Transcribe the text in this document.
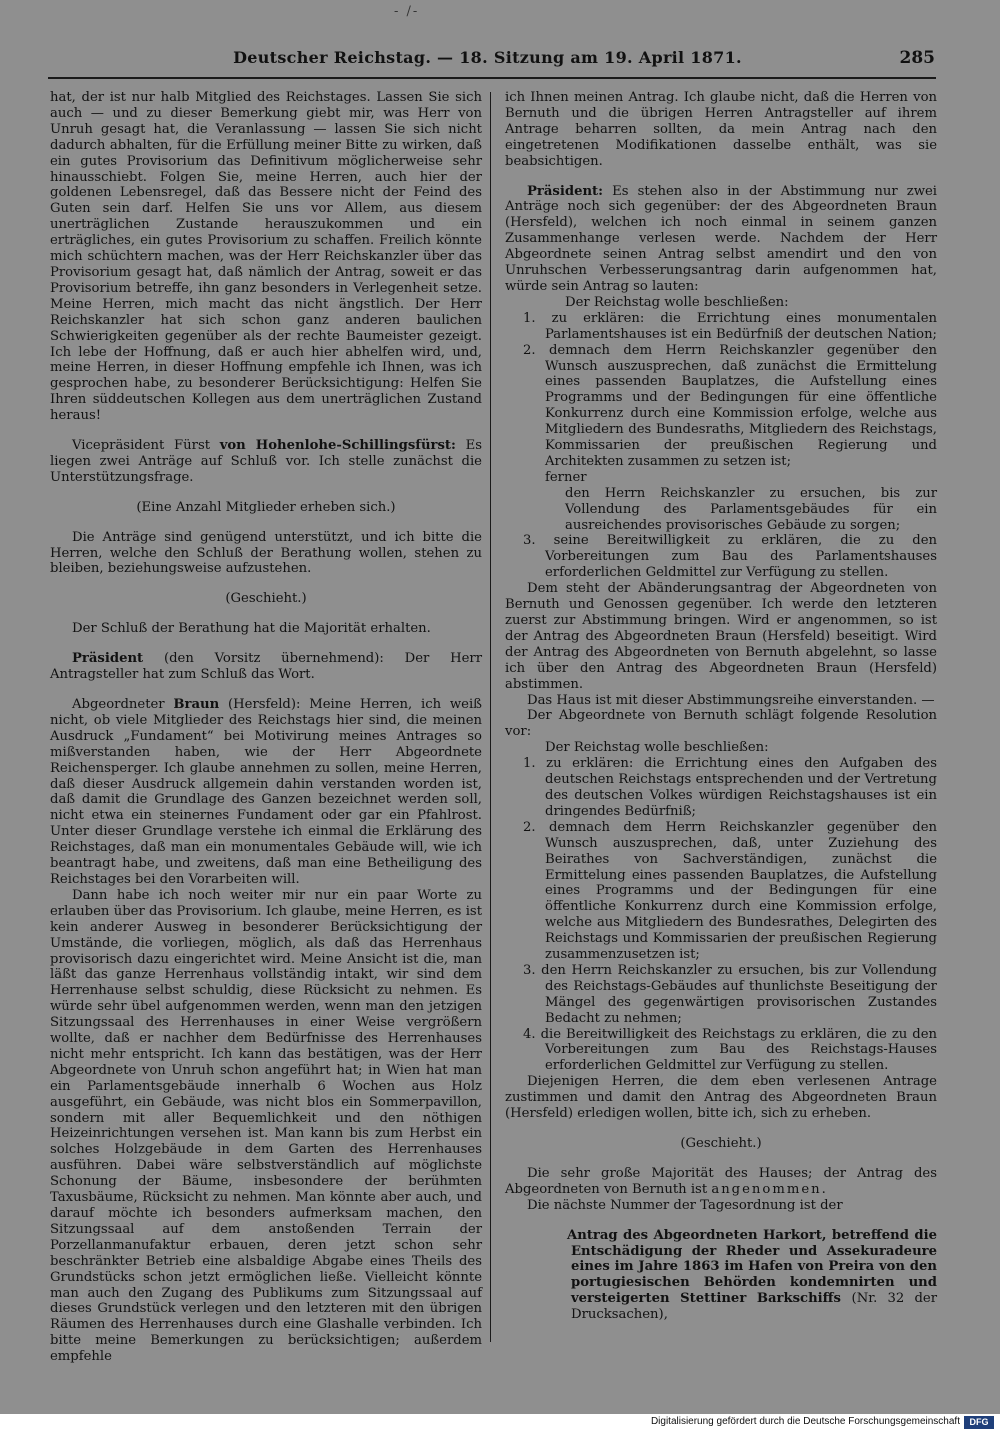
- /-
Deutscher Reichstag. — 18. Sitzung am 19. April 1871.	285

hat, der ist nur halb Mitglied des Reichstages. Lassen Sie sich auch — und zu dieser Bemerkung giebt mir, was Herr von Unruh gesagt hat, die Veranlassung — lassen Sie sich nicht dadurch abhalten, für die Erfüllung meiner Bitte zu wirken, daß ein gutes Provisorium das Definitivum möglicherweise sehr hinausschiebt. Folgen Sie, meine Herren, auch hier der goldenen Lebensregel, daß das Bessere nicht der Feind des Guten sein darf. Helfen Sie uns vor Allem, aus diesem unerträglichen Zustande herauszukommen und ein erträgliches, ein gutes Provisorium zu schaffen. Freilich könnte mich schüchtern machen, was der Herr Reichskanzler über das Provisorium gesagt hat, daß nämlich der Antrag, soweit er das Provisorium betreffe, ihn ganz besonders in Verlegenheit setze. Meine Herren, mich macht das nicht ängstlich. Der Herr Reichskanzler hat sich schon ganz anderen baulichen Schwierigkeiten gegenüber als der rechte Baumeister gezeigt. Ich lebe der Hoffnung, daß er auch hier abhelfen wird, und, meine Herren, in dieser Hoffnung empfehle ich Ihnen, was ich gesprochen habe, zu besonderer Berücksichtigung: Helfen Sie Ihren süddeutschen Kollegen aus dem unerträglichen Zustand heraus!

Vicepräsident Fürst von Hohenlohe-Schillingsfürst: Es liegen zwei Anträge auf Schluß vor. Ich stelle zunächst die Unterstützungsfrage.

(Eine Anzahl Mitglieder erheben sich.)

Die Anträge sind genügend unterstützt, und ich bitte die Herren, welche den Schluß der Berathung wollen, stehen zu bleiben, beziehungsweise aufzustehen.

(Geschieht.)

Der Schluß der Berathung hat die Majorität erhalten.

Präsident (den Vorsitz übernehmend): Der Herr Antragsteller hat zum Schluß das Wort.

Abgeordneter Braun (Hersfeld): Meine Herren, ich weiß nicht, ob viele Mitglieder des Reichstags hier sind, die meinen Ausdruck „Fundament“ bei Motivirung meines Antrages so mißverstanden haben, wie der Herr Abgeordnete Reichensperger. Ich glaube annehmen zu sollen, meine Herren, daß dieser Ausdruck allgemein dahin verstanden worden ist, daß damit die Grundlage des Ganzen bezeichnet werden soll, nicht etwa ein steinernes Fundament oder gar ein Pfahlrost. Unter dieser Grundlage verstehe ich einmal die Erklärung des Reichstages, daß man ein monumentales Gebäude will, wie ich beantragt habe, und zweitens, daß man eine Betheiligung des Reichstages bei den Vorarbeiten will.

Dann habe ich noch weiter mir nur ein paar Worte zu erlauben über das Provisorium. Ich glaube, meine Herren, es ist kein anderer Ausweg in besonderer Berücksichtigung der Umstände, die vorliegen, möglich, als daß das Herrenhaus provisorisch dazu eingerichtet wird. Meine Ansicht ist die, man läßt das ganze Herrenhaus vollständig intakt, wir sind dem Herrenhause selbst schuldig, diese Rücksicht zu nehmen. Es würde sehr übel aufgenommen werden, wenn man den jetzigen Sitzungssaal des Herrenhauses in einer Weise vergrößern wollte, daß er nachher dem Bedürfnisse des Herrenhauses nicht mehr entspricht. Ich kann das bestätigen, was der Herr Abgeordnete von Unruh schon angeführt hat; in Wien hat man ein Parlamentsgebäude innerhalb 6 Wochen aus Holz ausgeführt, ein Gebäude, was nicht blos ein Sommerpavillon, sondern mit aller Bequemlichkeit und den nöthigen Heizeinrichtungen versehen ist. Man kann bis zum Herbst ein solches Holzgebäude in dem Garten des Herrenhauses ausführen. Dabei wäre selbstverständlich auf möglichste Schonung der Bäume, insbesondere der berühmten Taxusbäume, Rücksicht zu nehmen. Man könnte aber auch, und darauf möchte ich besonders aufmerksam machen, den Sitzungssaal auf dem anstoßenden Terrain der Porzellanmanufaktur erbauen, deren jetzt schon sehr beschränkter Betrieb eine alsbaldige Abgabe eines Theils des Grundstücks schon jetzt ermöglichen ließe. Vielleicht könnte man auch den Zugang des Publikums zum Sitzungssaal auf dieses Grundstück verlegen und den letzteren mit den übrigen Räumen des Herrenhauses durch eine Glashalle verbinden. Ich bitte meine Bemerkungen zu berücksichtigen; außerdem empfehle

ich Ihnen meinen Antrag. Ich glaube nicht, daß die Herren von Bernuth und die übrigen Herren Antragsteller auf ihrem Antrage beharren sollten, da mein Antrag nach den eingetretenen Modifikationen dasselbe enthält, was sie beabsichtigen.

Präsident: Es stehen also in der Abstimmung nur zwei Anträge noch sich gegenüber: der des Abgeordneten Braun (Hersfeld), welchen ich noch einmal in seinem ganzen Zusammenhange verlesen werde. Nachdem der Herr Abgeordnete seinen Antrag selbst amendirt und den von Unruhschen Verbesserungsantrag darin aufgenommen hat, würde sein Antrag so lauten:

Der Reichstag wolle beschließen:

1. zu erklären: die Errichtung eines monumentalen Parlamentshauses ist ein Bedürfniß der deutschen Nation;

2. demnach dem Herrn Reichskanzler gegenüber den Wunsch auszusprechen, daß zunächst die Ermittelung eines passenden Bauplatzes, die Aufstellung eines Programms und der Bedingungen für eine öffentliche Konkurrenz durch eine Kommission erfolge, welche aus Mitgliedern des Bundesraths, Mitgliedern des Reichstags, Kommissarien der preußischen Regierung und Architekten zusammen zu setzen ist;

ferner

den Herrn Reichskanzler zu ersuchen, bis zur Vollendung des Parlamentsgebäudes für ein ausreichendes provisorisches Gebäude zu sorgen;

3. seine Bereitwilligkeit zu erklären, die zu den Vorbereitungen zum Bau des Parlamentshauses erforderlichen Geldmittel zur Verfügung zu stellen.

Dem steht der Abänderungsantrag der Abgeordneten von Bernuth und Genossen gegenüber. Ich werde den letzteren zuerst zur Abstimmung bringen. Wird er angenommen, so ist der Antrag des Abgeordneten Braun (Hersfeld) beseitigt. Wird der Antrag des Abgeordneten von Bernuth abgelehnt, so lasse ich über den Antrag des Abgeordneten Braun (Hersfeld) abstimmen.

Das Haus ist mit dieser Abstimmungsreihe einverstanden. —

Der Abgeordnete von Bernuth schlägt folgende Resolution vor:

Der Reichstag wolle beschließen:

1. zu erklären: die Errichtung eines den Aufgaben des deutschen Reichstags entsprechenden und der Vertretung des deutschen Volkes würdigen Reichstagshauses ist ein dringendes Bedürfniß;

2. demnach dem Herrn Reichskanzler gegenüber den Wunsch auszusprechen, daß, unter Zuziehung des Beirathes von Sachverständigen, zunächst die Ermittelung eines passenden Bauplatzes, die Aufstellung eines Programms und der Bedingungen für eine öffentliche Konkurrenz durch eine Kommission erfolge, welche aus Mitgliedern des Bundesrathes, Delegirten des Reichstags und Kommissarien der preußischen Regierung zusammenzusetzen ist;

3. den Herrn Reichskanzler zu ersuchen, bis zur Vollendung des Reichstags-Gebäudes auf thunlichste Beseitigung der Mängel des gegenwärtigen provisorischen Zustandes Bedacht zu nehmen;

4. die Bereitwilligkeit des Reichstags zu erklären, die zu den Vorbereitungen zum Bau des Reichstags-Hauses erforderlichen Geldmittel zur Verfügung zu stellen.

Diejenigen Herren, die dem eben verlesenen Antrage zustimmen und damit den Antrag des Abgeordneten Braun (Hersfeld) erledigen wollen, bitte ich, sich zu erheben.

(Geschieht.)

Die sehr große Majorität des Hauses; der Antrag des Abgeordneten von Bernuth ist angenommen.

Die nächste Nummer der Tagesordnung ist der

Antrag des Abgeordneten Harkort, betreffend die Entschädigung der Rheder und Assekuradeure eines im Jahre 1863 im Hafen von Preira von den portugiesischen Behörden kondemnirten und versteigerten Stettiner Barkschiffs (Nr. 32 der Drucksachen),

Digitalisierung gefördert durch die Deutsche Forschungsgemeinschaft	DFG
